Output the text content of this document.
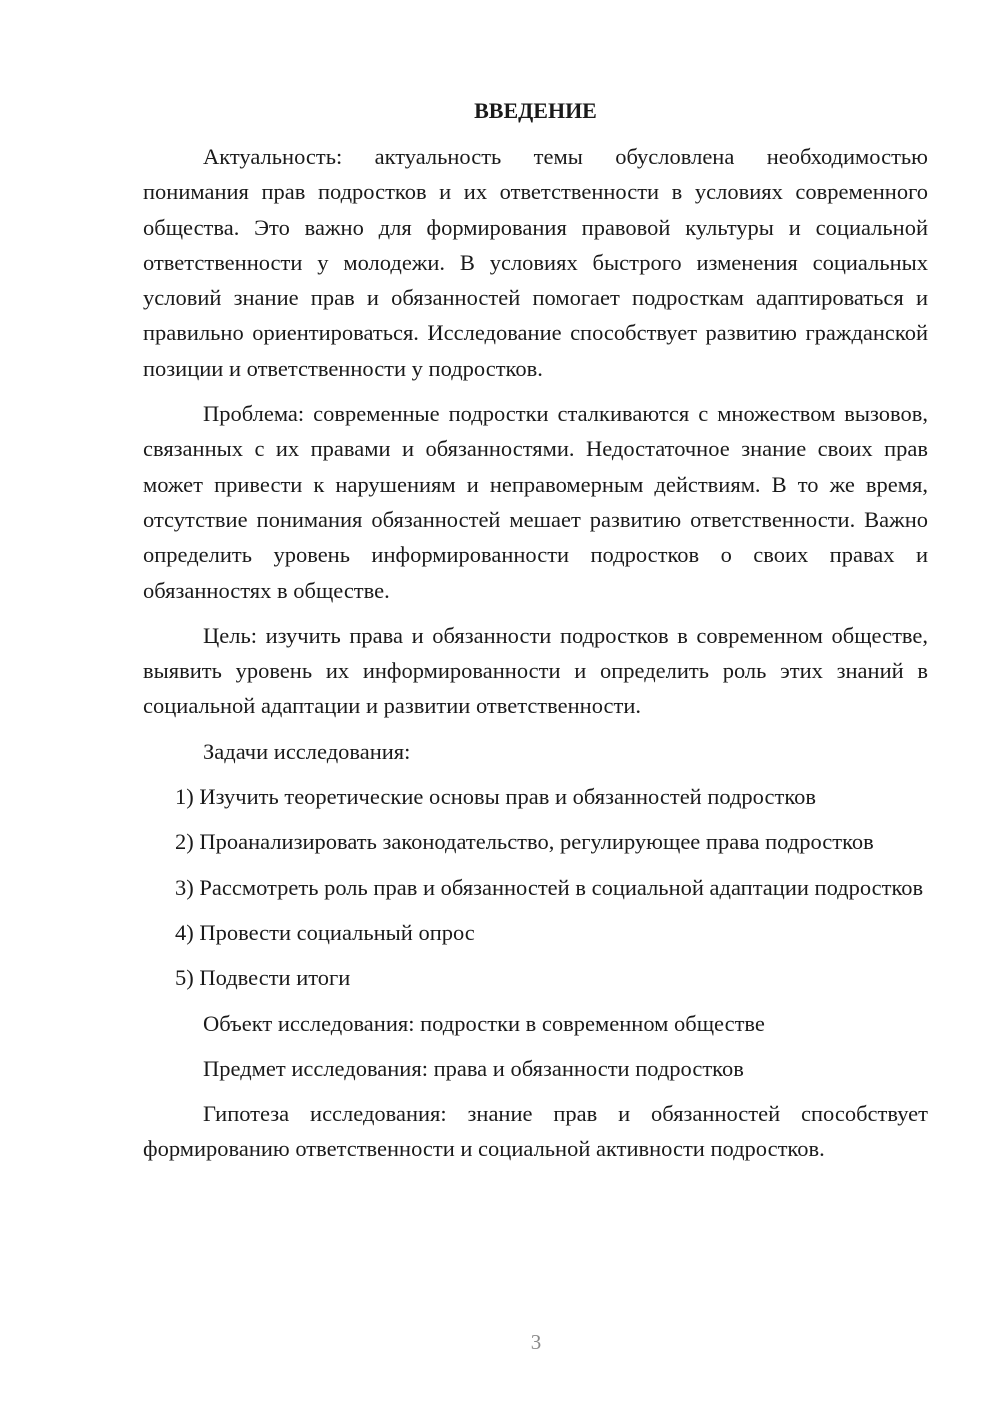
ВВЕДЕНИЕ

Актуальность: актуальность темы обусловлена необходимостью понимания прав подростков и их ответственности в условиях современного общества. Это важно для формирования правовой культуры и социальной ответственности у молодежи. В условиях быстрого изменения социальных условий знание прав и обязанностей помогает подросткам адаптироваться и правильно ориентироваться. Исследование способствует развитию гражданской позиции и ответственности у подростков.

Проблема: современные подростки сталкиваются с множеством вызовов, связанных с их правами и обязанностями. Недостаточное знание своих прав может привести к нарушениям и неправомерным действиям. В то же время, отсутствие понимания обязанностей мешает развитию ответственности. Важно определить уровень информированности подростков о своих правах и обязанностях в обществе.

Цель: изучить права и обязанности подростков в современном обществе, выявить уровень их информированности и определить роль этих знаний в социальной адаптации и развитии ответственности.

Задачи исследования:

1) Изучить теоретические основы прав и обязанностей подростков

2) Проанализировать законодательство, регулирующее права подростков

3) Рассмотреть роль прав и обязанностей в социальной адаптации подростков

4) Провести социальный опрос

5) Подвести итоги

Объект исследования: подростки в современном обществе

Предмет исследования: права и обязанности подростков

Гипотеза исследования: знание прав и обязанностей способствует формированию ответственности и социальной активности подростков.

3
